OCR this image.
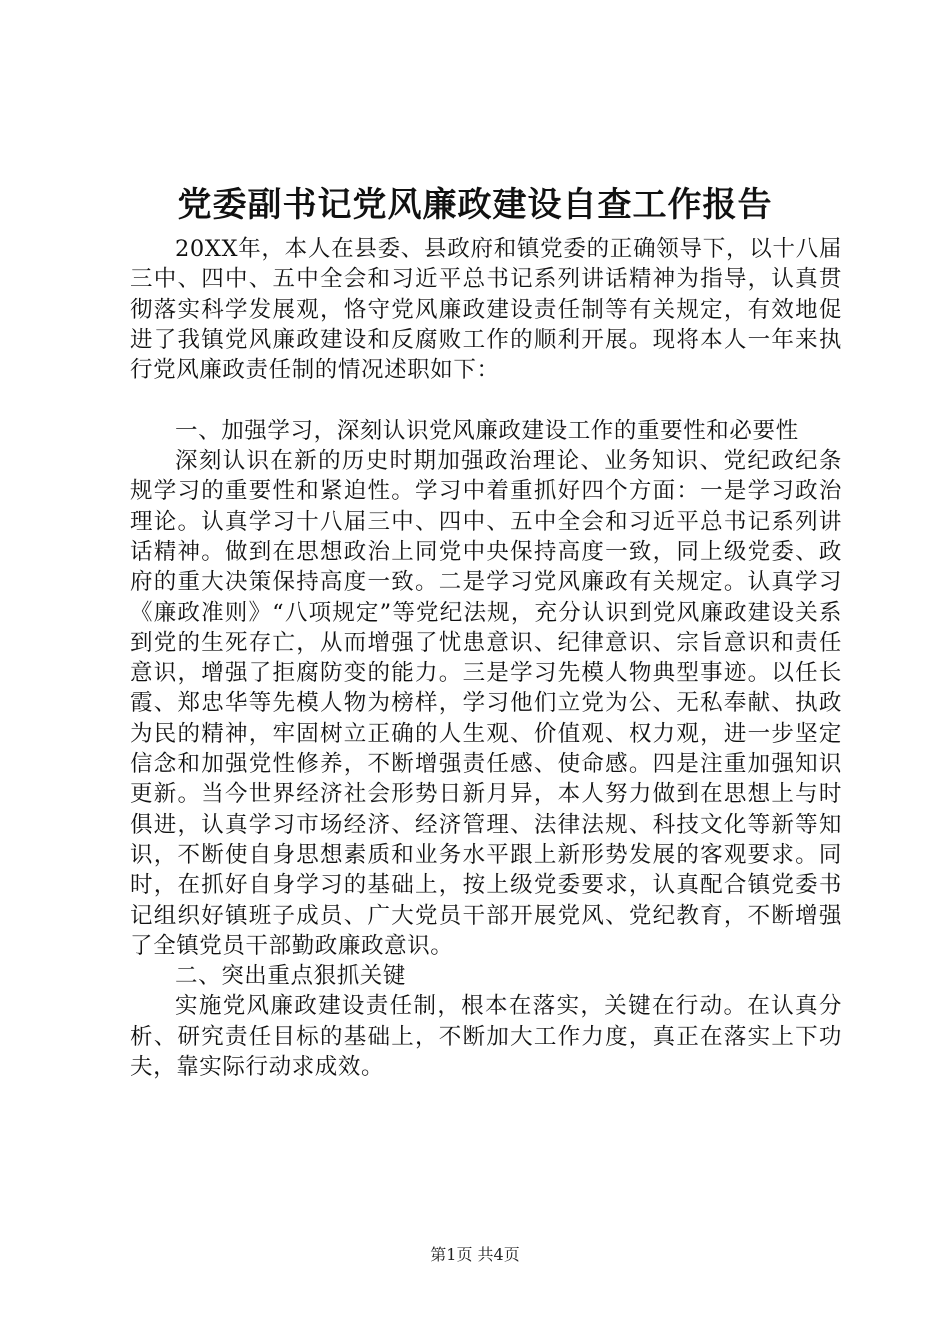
党委副书记党风廉政建设自查工作报告

20XX年，本人在县委、县政府和镇党委的正确领导下，以十八届三中、四中、五中全会和习近平总书记系列讲话精神为指导，认真贯彻落实科学发展观，恪守党风廉政建设责任制等有关规定，有效地促进了我镇党风廉政建设和反腐败工作的顺利开展。现将本人一年来执行党风廉政责任制的情况述职如下：

一、加强学习，深刻认识党风廉政建设工作的重要性和必要性

深刻认识在新的历史时期加强政治理论、业务知识、党纪政纪条规学习的重要性和紧迫性。学习中着重抓好四个方面：一是学习政治理论。认真学习十八届三中、四中、五中全会和习近平总书记系列讲话精神。做到在思想政治上同党中央保持高度一致，同上级党委、政府的重大决策保持高度一致。二是学习党风廉政有关规定。认真学习《廉政准则》“八项规定”等党纪法规，充分认识到党风廉政建设关系到党的生死存亡，从而增强了忧患意识、纪律意识、宗旨意识和责任意识，增强了拒腐防变的能力。三是学习先模人物典型事迹。以任长霞、郑忠华等先模人物为榜样，学习他们立党为公、无私奉献、执政为民的精神，牢固树立正确的人生观、价值观、权力观，进一步坚定信念和加强党性修养，不断增强责任感、使命感。四是注重加强知识更新。当今世界经济社会形势日新月异，本人努力做到在思想上与时俱进，认真学习市场经济、经济管理、法律法规、科技文化等新等知识，不断使自身思想素质和业务水平跟上新形势发展的客观要求。同时，在抓好自身学习的基础上，按上级党委要求，认真配合镇党委书记组织好镇班子成员、广大党员干部开展党风、党纪教育，不断增强了全镇党员干部勤政廉政意识。

二、突出重点狠抓关键

实施党风廉政建设责任制，根本在落实，关键在行动。在认真分析、研究责任目标的基础上，不断加大工作力度，真正在落实上下功夫，靠实际行动求成效。

第1页 共4页
